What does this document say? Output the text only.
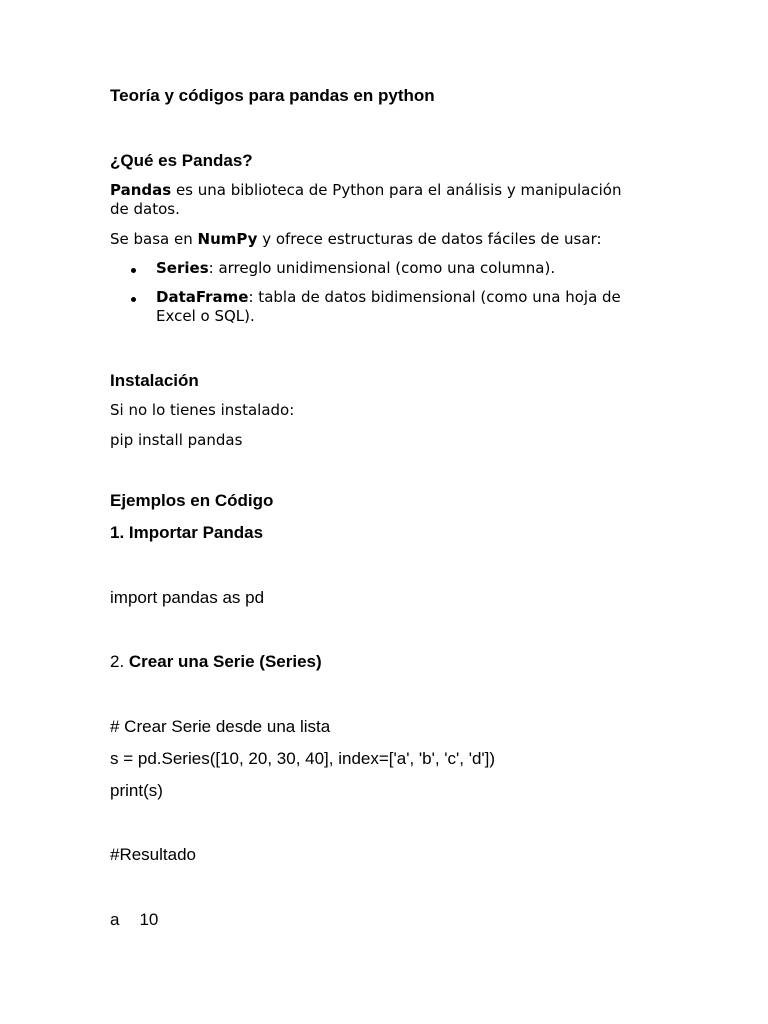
Teoría y códigos para pandas en python
¿Qué es Pandas?
Pandas es una biblioteca de Python para el análisis y manipulación
de datos.
Se basa en NumPy y ofrece estructuras de datos fáciles de usar:
Series: arreglo unidimensional (como una columna).
DataFrame: tabla de datos bidimensional (como una hoja de
Excel o SQL).
Instalación
Si no lo tienes instalado:
pip install pandas
Ejemplos en Código
1. Importar Pandas
import pandas as pd
2. Crear una Serie (Series)
# Crear Serie desde una lista
s = pd.Series([10, 20, 30, 40], index=['a', 'b', 'c', 'd'])
print(s)
#Resultado
a 10
